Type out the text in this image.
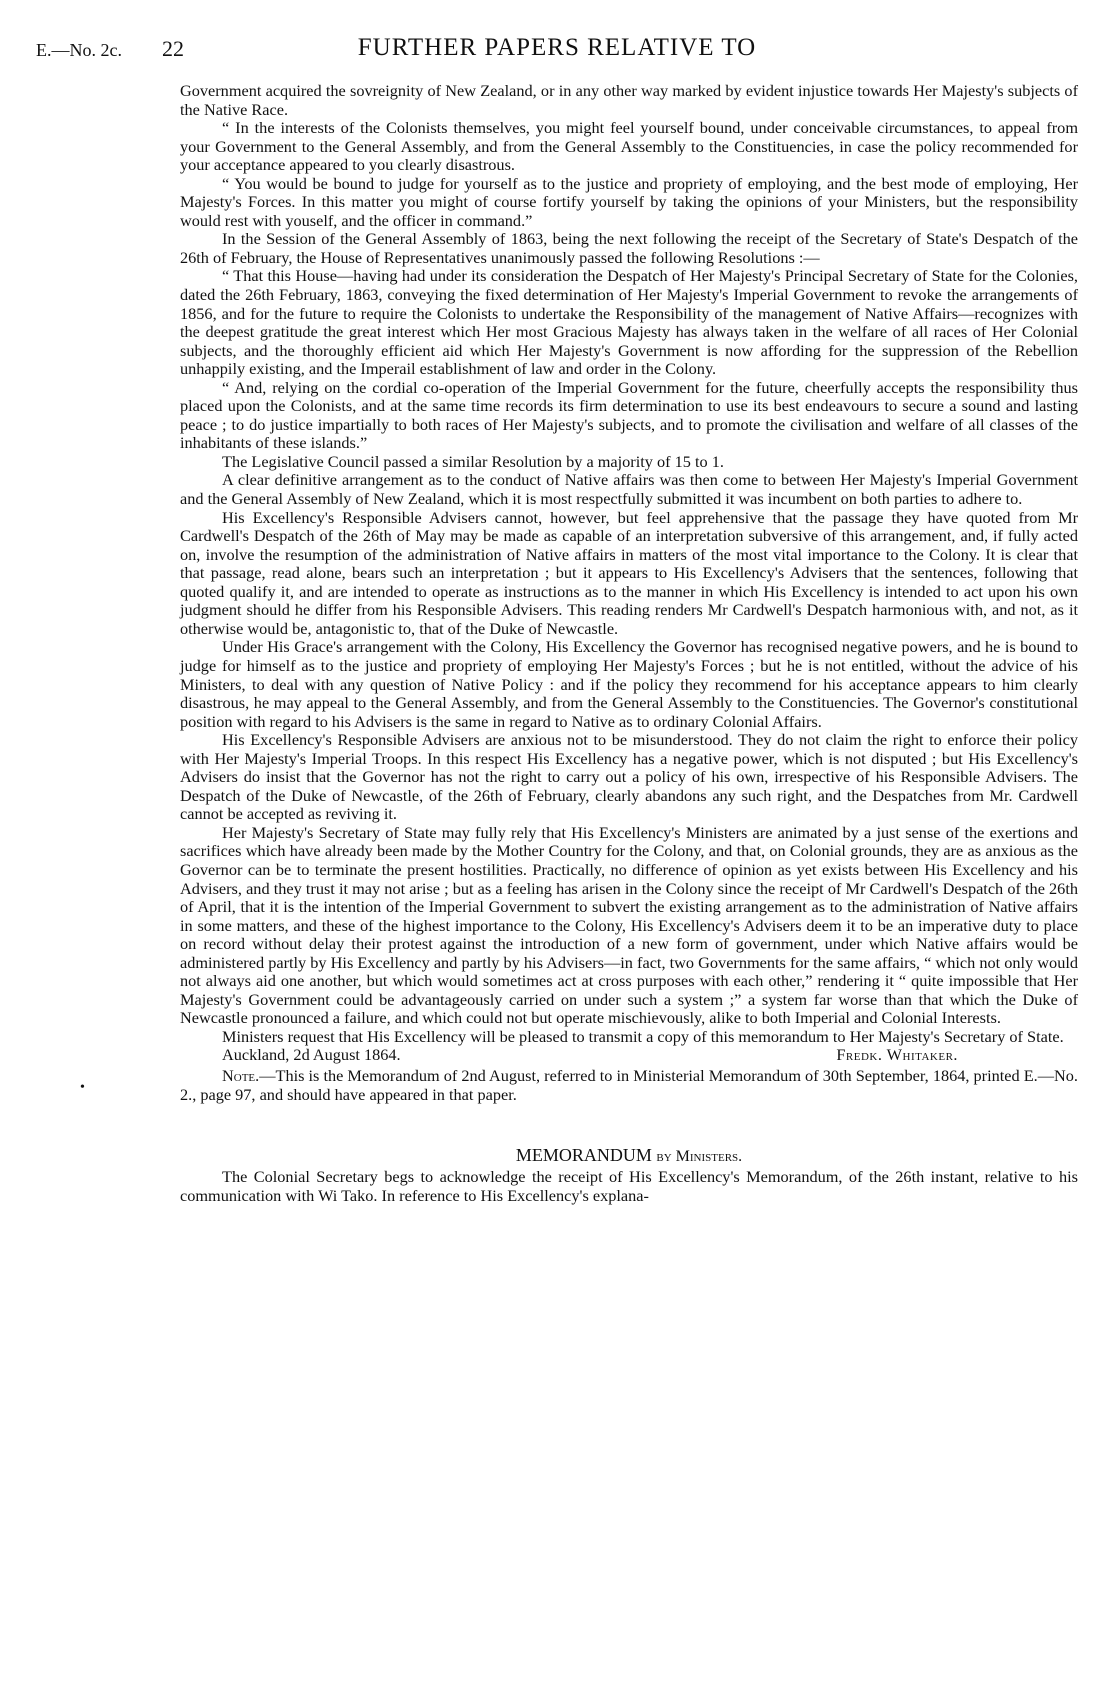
E.—No. 2c. 22	FURTHER PAPERS RELATIVE TO
•

Government acquired the sovreignity of New Zealand, or in any other way marked by evident injustice towards Her Majesty's subjects of the Native Race.

“ In the interests of the Colonists themselves, you might feel yourself bound, under conceivable circumstances, to appeal from your Government to the General Assembly, and from the General Assembly to the Constituencies, in case the policy recommended for your acceptance appeared to you clearly disastrous.

“ You would be bound to judge for yourself as to the justice and propriety of employing, and the best mode of employing, Her Majesty's Forces. In this matter you might of course fortify yourself by taking the opinions of your Ministers, but the responsibility would rest with youself, and the officer in command.”

In the Session of the General Assembly of 1863, being the next following the receipt of the Secretary of State's Despatch of the 26th of February, the House of Representatives unanimously passed the following Resolutions :—

“ That this House—having had under its consideration the Despatch of Her Majesty's Principal Secretary of State for the Colonies, dated the 26th February, 1863, conveying the fixed determination of Her Majesty's Imperial Government to revoke the arrangements of 1856, and for the future to require the Colonists to undertake the Responsibility of the management of Native Affairs—recognizes with the deepest gratitude the great interest which Her most Gracious Majesty has always taken in the welfare of all races of Her Colonial subjects, and the thoroughly efficient aid which Her Majesty's Government is now affording for the suppression of the Rebellion unhappily existing, and the Imperail establishment of law and order in the Colony.

“ And, relying on the cordial co-operation of the Imperial Government for the future, cheerfully accepts the responsibility thus placed upon the Colonists, and at the same time records its firm determination to use its best endeavours to secure a sound and lasting peace ; to do justice impartially to both races of Her Majesty's subjects, and to promote the civilisation and welfare of all classes of the inhabitants of these islands.”

The Legislative Council passed a similar Resolution by a majority of 15 to 1.

A clear definitive arrangement as to the conduct of Native affairs was then come to between Her Majesty's Imperial Government and the General Assembly of New Zealand, which it is most respectfully submitted it was incumbent on both parties to adhere to.

His Excellency's Responsible Advisers cannot, however, but feel apprehensive that the passage they have quoted from Mr Cardwell's Despatch of the 26th of May may be made as capable of an interpretation subversive of this arrangement, and, if fully acted on, involve the resumption of the administration of Native affairs in matters of the most vital importance to the Colony. It is clear that that passage, read alone, bears such an interpretation ; but it appears to His Excellency's Advisers that the sentences, following that quoted qualify it, and are intended to operate as instructions as to the manner in which His Excellency is intended to act upon his own judgment should he differ from his Responsible Advisers. This reading renders Mr Cardwell's Despatch harmonious with, and not, as it otherwise would be, antagonistic to, that of the Duke of Newcastle.

Under His Grace's arrangement with the Colony, His Excellency the Governor has recognised negative powers, and he is bound to judge for himself as to the justice and propriety of employing Her Majesty's Forces ; but he is not entitled, without the advice of his Ministers, to deal with any question of Native Policy : and if the policy they recommend for his acceptance appears to him clearly disastrous, he may appeal to the General Assembly, and from the General Assembly to the Constituencies. The Governor's constitutional position with regard to his Advisers is the same in regard to Native as to ordinary Colonial Affairs.

His Excellency's Responsible Advisers are anxious not to be misunderstood. They do not claim the right to enforce their policy with Her Majesty's Imperial Troops. In this respect His Excellency has a negative power, which is not disputed ; but His Excellency's Advisers do insist that the Governor has not the right to carry out a policy of his own, irrespective of his Responsible Advisers. The Despatch of the Duke of Newcastle, of the 26th of February, clearly abandons any such right, and the Despatches from Mr. Cardwell cannot be accepted as reviving it.

Her Majesty's Secretary of State may fully rely that His Excellency's Ministers are animated by a just sense of the exertions and sacrifices which have already been made by the Mother Country for the Colony, and that, on Colonial grounds, they are as anxious as the Governor can be to terminate the present hostilities. Practically, no difference of opinion as yet exists between His Excellency and his Advisers, and they trust it may not arise ; but as a feeling has arisen in the Colony since the receipt of Mr Cardwell's Despatch of the 26th of April, that it is the intention of the Imperial Government to subvert the existing arrangement as to the administration of Native affairs in some matters, and these of the highest importance to the Colony, His Excellency's Advisers deem it to be an imperative duty to place on record without delay their protest against the introduction of a new form of government, under which Native affairs would be administered partly by His Excellency and partly by his Advisers—in fact, two Governments for the same affairs, “ which not only would not always aid one another, but which would sometimes act at cross purposes with each other,” rendering it “ quite impossible that Her Majesty's Government could be advantageously carried on under such a system ;” a system far worse than that which the Duke of Newcastle pronounced a failure, and which could not but operate mischievously, alike to both Imperial and Colonial Interests.

Ministers request that His Excellency will be pleased to transmit a copy of this memorandum to Her Majesty's Secretary of State.

Auckland, 2d August 1864.	Fredk. Whitaker.

Note.—This is the Memorandum of 2nd August, referred to in Ministerial Memorandum of 30th September, 1864, printed E.—No. 2., page 97, and should have appeared in that paper.

MEMORANDUM by Ministers.

The Colonial Secretary begs to acknowledge the receipt of His Excellency's Memorandum, of the 26th instant, relative to his communication with Wi Tako. In reference to His Excellency's explana-
